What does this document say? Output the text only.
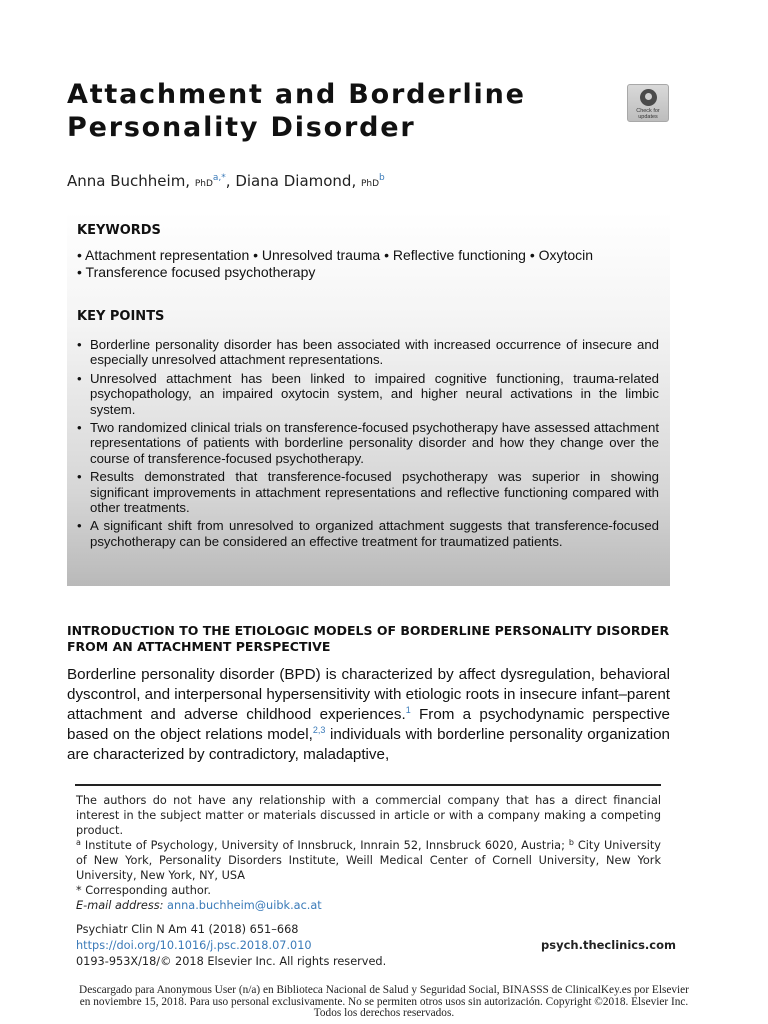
Attachment and Borderline
Personality Disorder
Check for
updates
Anna Buchheim, PhD$^{a,*}$, Diana Diamond, PhD$^b$
KEYWORDS
• Attachment representation • Unresolved trauma • Reflective functioning • Oxytocin
• Transference focused psychotherapy
KEY POINTS
• Borderline personality disorder has been associated with increased occurrence of insecure and especially unresolved attachment representations.
• Unresolved attachment has been linked to impaired cognitive functioning, trauma-related psychopathology, an impaired oxytocin system, and higher neural activations in the limbic system.
• Two randomized clinical trials on transference-focused psychotherapy have assessed attachment representations of patients with borderline personality disorder and how they change over the course of transference-focused psychotherapy.
• Results demonstrated that transference-focused psychotherapy was superior in showing significant improvements in attachment representations and reflective functioning compared with other treatments.
• A significant shift from unresolved to organized attachment suggests that transference-focused psychotherapy can be considered an effective treatment for traumatized patients.
INTRODUCTION TO THE ETIOLOGIC MODELS OF BORDERLINE PERSONALITY DISORDER FROM AN ATTACHMENT PERSPECTIVE
Borderline personality disorder (BPD) is characterized by affect dysregulation, behavioral dyscontrol, and interpersonal hypersensitivity with etiologic roots in insecure infant–parent attachment and adverse childhood experiences.$^1$ From a psychodynamic perspective based on the object relations model,$^{2,3}$ individuals with borderline personality organization are characterized by contradictory, maladaptive,

The authors do not have any relationship with a commercial company that has a direct financial interest in the subject matter or materials discussed in article or with a company making a competing product.

$^a$ Institute of Psychology, University of Innsbruck, Innrain 52, Innsbruck 6020, Austria; $^b$ City University of New York, Personality Disorders Institute, Weill Medical Center of Cornell University, New York University, New York, NY, USA

* Corresponding author.

E-mail address: anna.buchheim@uibk.ac.at

Psychiatr Clin N Am 41 (2018) 651–668
https://doi.org/10.1016/j.psc.2018.07.010
0193-953X/18/© 2018 Elsevier Inc. All rights reserved.
psych.theclinics.com
Descargado para Anonymous User (n/a) en Biblioteca Nacional de Salud y Seguridad Social, BINASSS de ClinicalKey.es por Elsevier
en noviembre 15, 2018. Para uso personal exclusivamente. No se permiten otros usos sin autorización. Copyright ©2018. Elsevier Inc.
Todos los derechos reservados.
